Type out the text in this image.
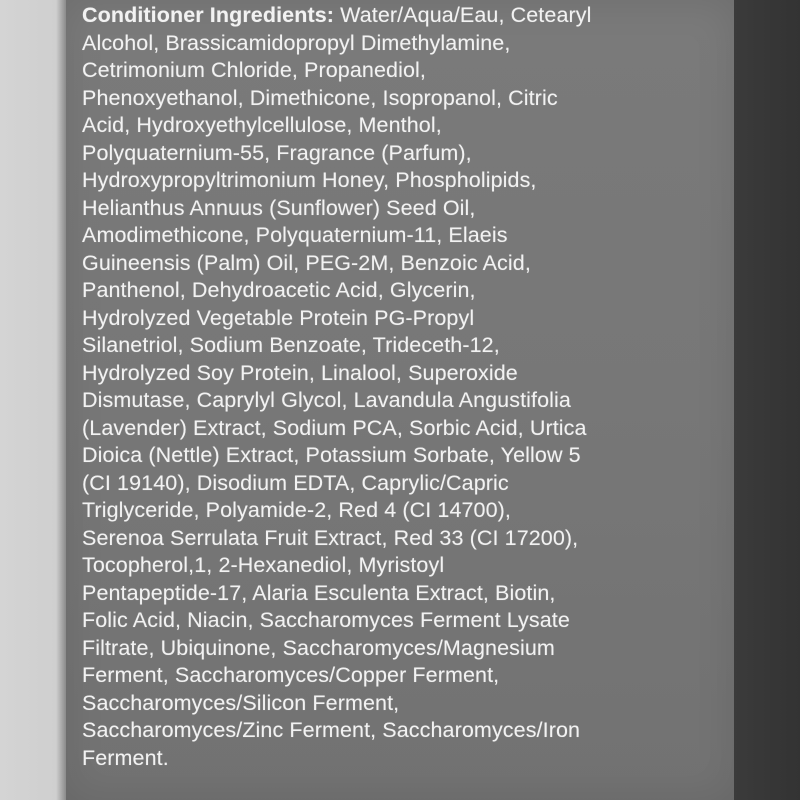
Conditioner Ingredients: Water/Aqua/Eau, Cetearyl
Alcohol, Brassicamidopropyl Dimethylamine,
Cetrimonium Chloride, Propanediol,
Phenoxyethanol, Dimethicone, Isopropanol, Citric
Acid, Hydroxyethylcellulose, Menthol,
Polyquaternium-55, Fragrance (Parfum),
Hydroxypropyltrimonium Honey, Phospholipids,
Helianthus Annuus (Sunflower) Seed Oil,
Amodimethicone, Polyquaternium-11, Elaeis
Guineensis (Palm) Oil, PEG-2M, Benzoic Acid,
Panthenol, Dehydroacetic Acid, Glycerin,
Hydrolyzed Vegetable Protein PG-Propyl
Silanetriol, Sodium Benzoate, Trideceth-12,
Hydrolyzed Soy Protein, Linalool, Superoxide
Dismutase, Caprylyl Glycol, Lavandula Angustifolia
(Lavender) Extract, Sodium PCA, Sorbic Acid, Urtica
Dioica (Nettle) Extract, Potassium Sorbate, Yellow 5
(CI 19140), Disodium EDTA, Caprylic/Capric
Triglyceride, Polyamide-2, Red 4 (CI 14700),
Serenoa Serrulata Fruit Extract, Red 33 (CI 17200),
Tocopherol,1, 2-Hexanediol, Myristoyl
Pentapeptide-17, Alaria Esculenta Extract, Biotin,
Folic Acid, Niacin, Saccharomyces Ferment Lysate
Filtrate, Ubiquinone, Saccharomyces/Magnesium
Ferment, Saccharomyces/Copper Ferment,
Saccharomyces/Silicon Ferment,
Saccharomyces/Zinc Ferment, Saccharomyces/Iron
Ferment.
